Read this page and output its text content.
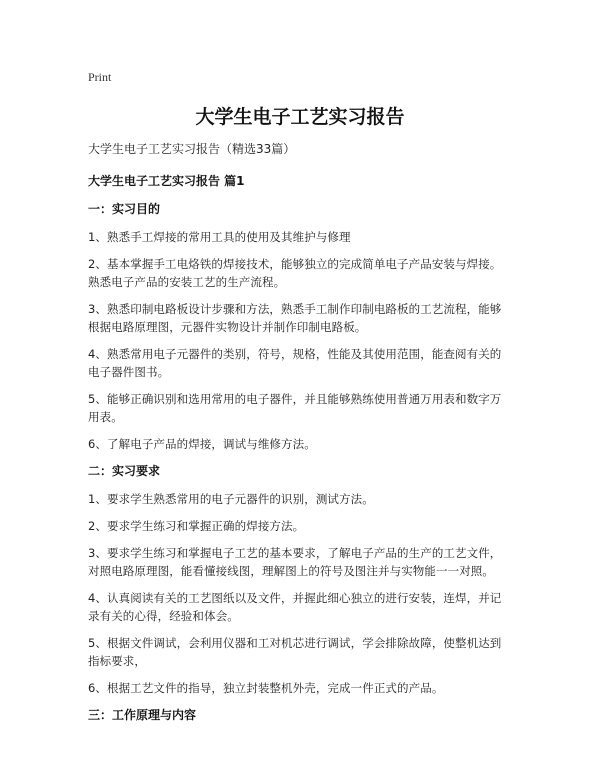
Print
大学生电子工艺实习报告
大学生电子工艺实习报告（精选33篇）
大学生电子工艺实习报告 篇1
一：实习目的

1、熟悉手工焊接的常用工具的使用及其维护与修理

2、基本掌握手工电烙铁的焊接技术，能够独立的完成简单电子产品安装与焊接。熟悉电子产品的安装工艺的生产流程。

3、熟悉印制电路板设计步骤和方法，熟悉手工制作印制电路板的工艺流程，能够根据电路原理图，元器件实物设计并制作印制电路板。

4、熟悉常用电子元器件的类别，符号，规格，性能及其使用范围，能查阅有关的电子器件图书。

5、能够正确识别和选用常用的电子器件，并且能够熟练使用普通万用表和数字万用表。

6、了解电子产品的焊接，调试与维修方法。

二：实习要求

1、要求学生熟悉常用的电子元器件的识别，测试方法。

2、要求学生练习和掌握正确的焊接方法。

3、要求学生练习和掌握电子工艺的基本要求，了解电子产品的生产的工艺文件，对照电路原理图，能看懂接线图，理解图上的符号及图注并与实物能一一对照。

4、认真阅读有关的工艺图纸以及文件，并握此细心独立的进行安装，连焊，并记录有关的心得，经验和体会。

5、根据文件调试，会利用仪器和工对机芯进行调试，学会排除故障，使整机达到指标要求，

6、根据工艺文件的指导，独立封装整机外壳，完成一件正式的产品。

三：工作原理与内容
